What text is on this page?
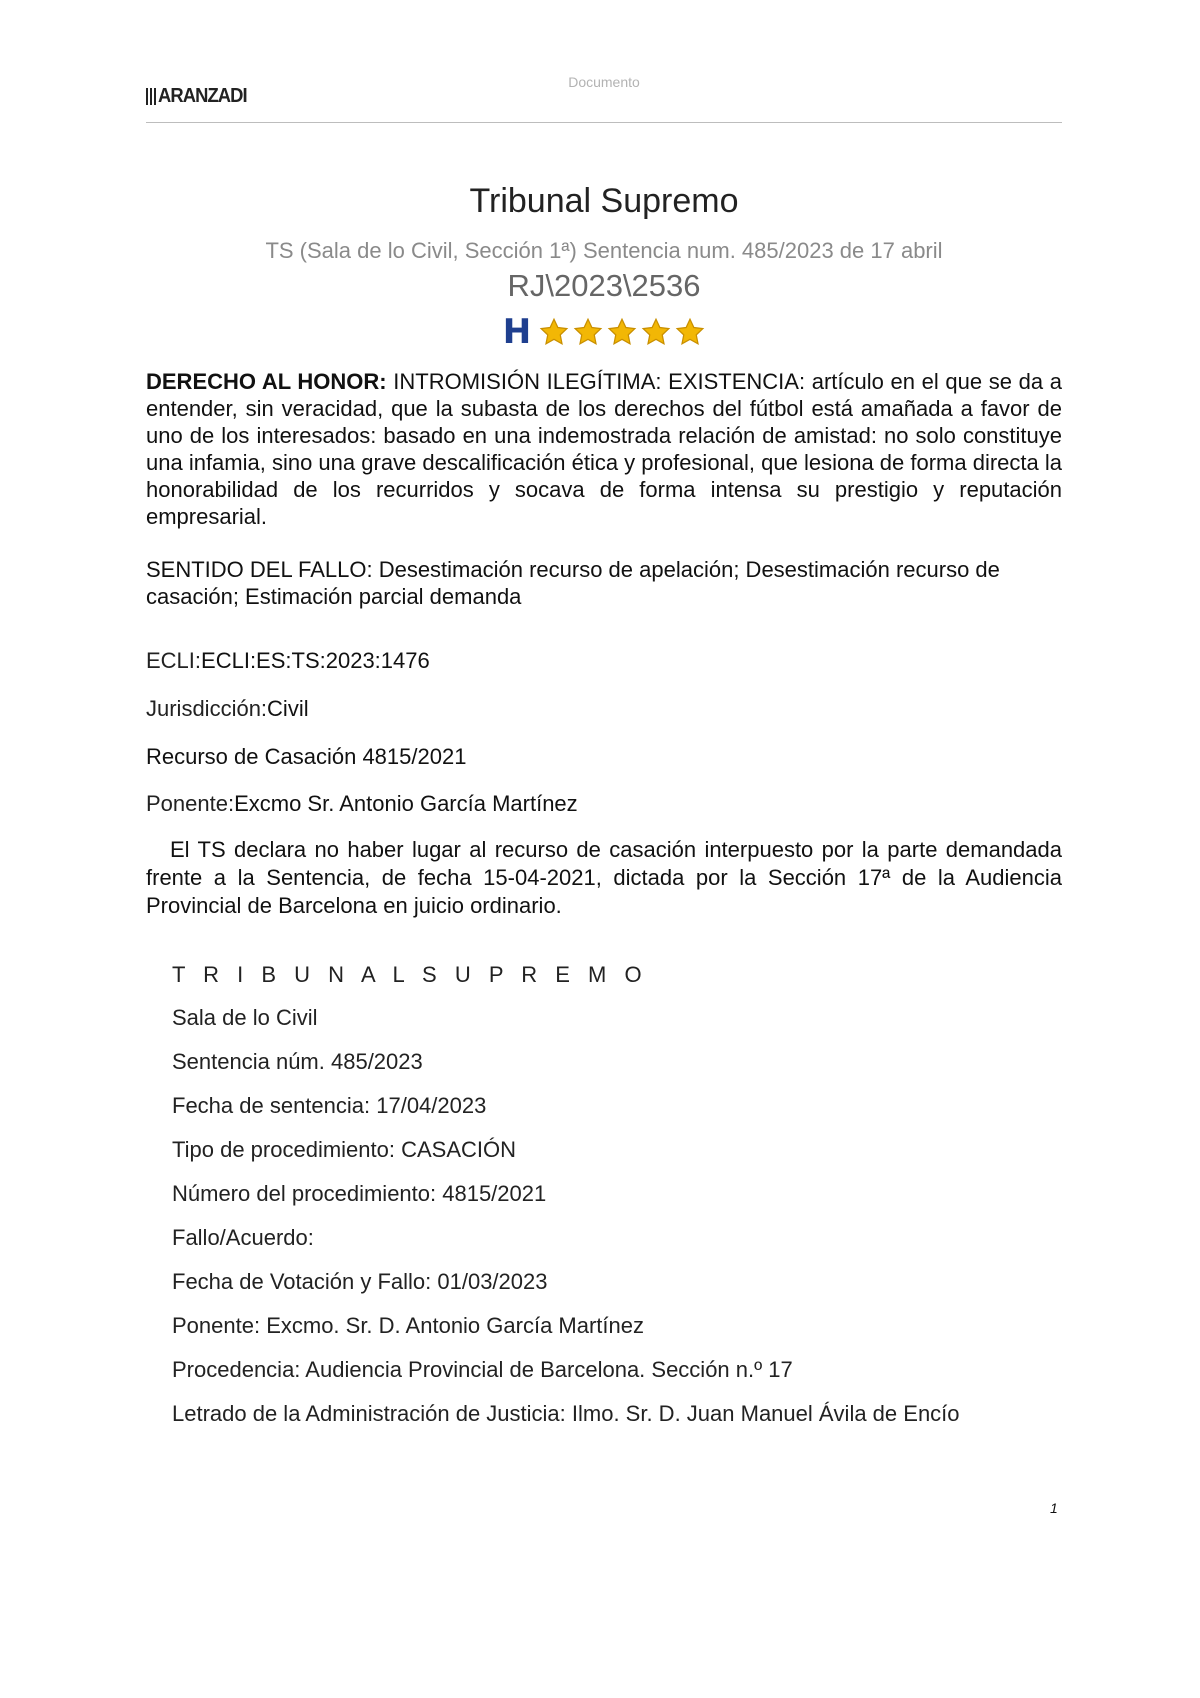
ARANZADI
Documento
Tribunal Supremo
TS (Sala de lo Civil, Sección 1ª) Sentencia num. 485/2023 de 17 abril
RJ\2023\2536
H
DERECHO AL HONOR: INTROMISIÓN ILEGÍTIMA: EXISTENCIA: artículo en el que se da a entender, sin veracidad, que la subasta de los derechos del fútbol está amañada a favor de uno de los interesados: basado en una indemostrada relación de amistad: no solo constituye una infamia, sino una grave descalificación ética y profesional, que lesiona de forma directa la honorabilidad de los recurridos y socava de forma intensa su prestigio y reputación empresarial.
SENTIDO DEL FALLO: Desestimación recurso de apelación; Desestimación recurso de casación; Estimación parcial demanda
ECLI:ECLI:ES:TS:2023:1476
Jurisdicción:Civil
Recurso de Casación 4815/2021
Ponente:Excmo Sr. Antonio García Martínez
El TS declara no haber lugar al recurso de casación interpuesto por la parte demandada frente a la Sentencia, de fecha 15-04-2021, dictada por la Sección 17ª de la Audiencia Provincial de Barcelona en juicio ordinario.
T R I B U N A L S U P R E M O
Sala de lo Civil
Sentencia núm. 485/2023
Fecha de sentencia: 17/04/2023
Tipo de procedimiento: CASACIÓN
Número del procedimiento: 4815/2021
Fallo/Acuerdo:
Fecha de Votación y Fallo: 01/03/2023
Ponente: Excmo. Sr. D. Antonio García Martínez
Procedencia: Audiencia Provincial de Barcelona. Sección n.º 17
Letrado de la Administración de Justicia: Ilmo. Sr. D. Juan Manuel Ávila de Encío
1
